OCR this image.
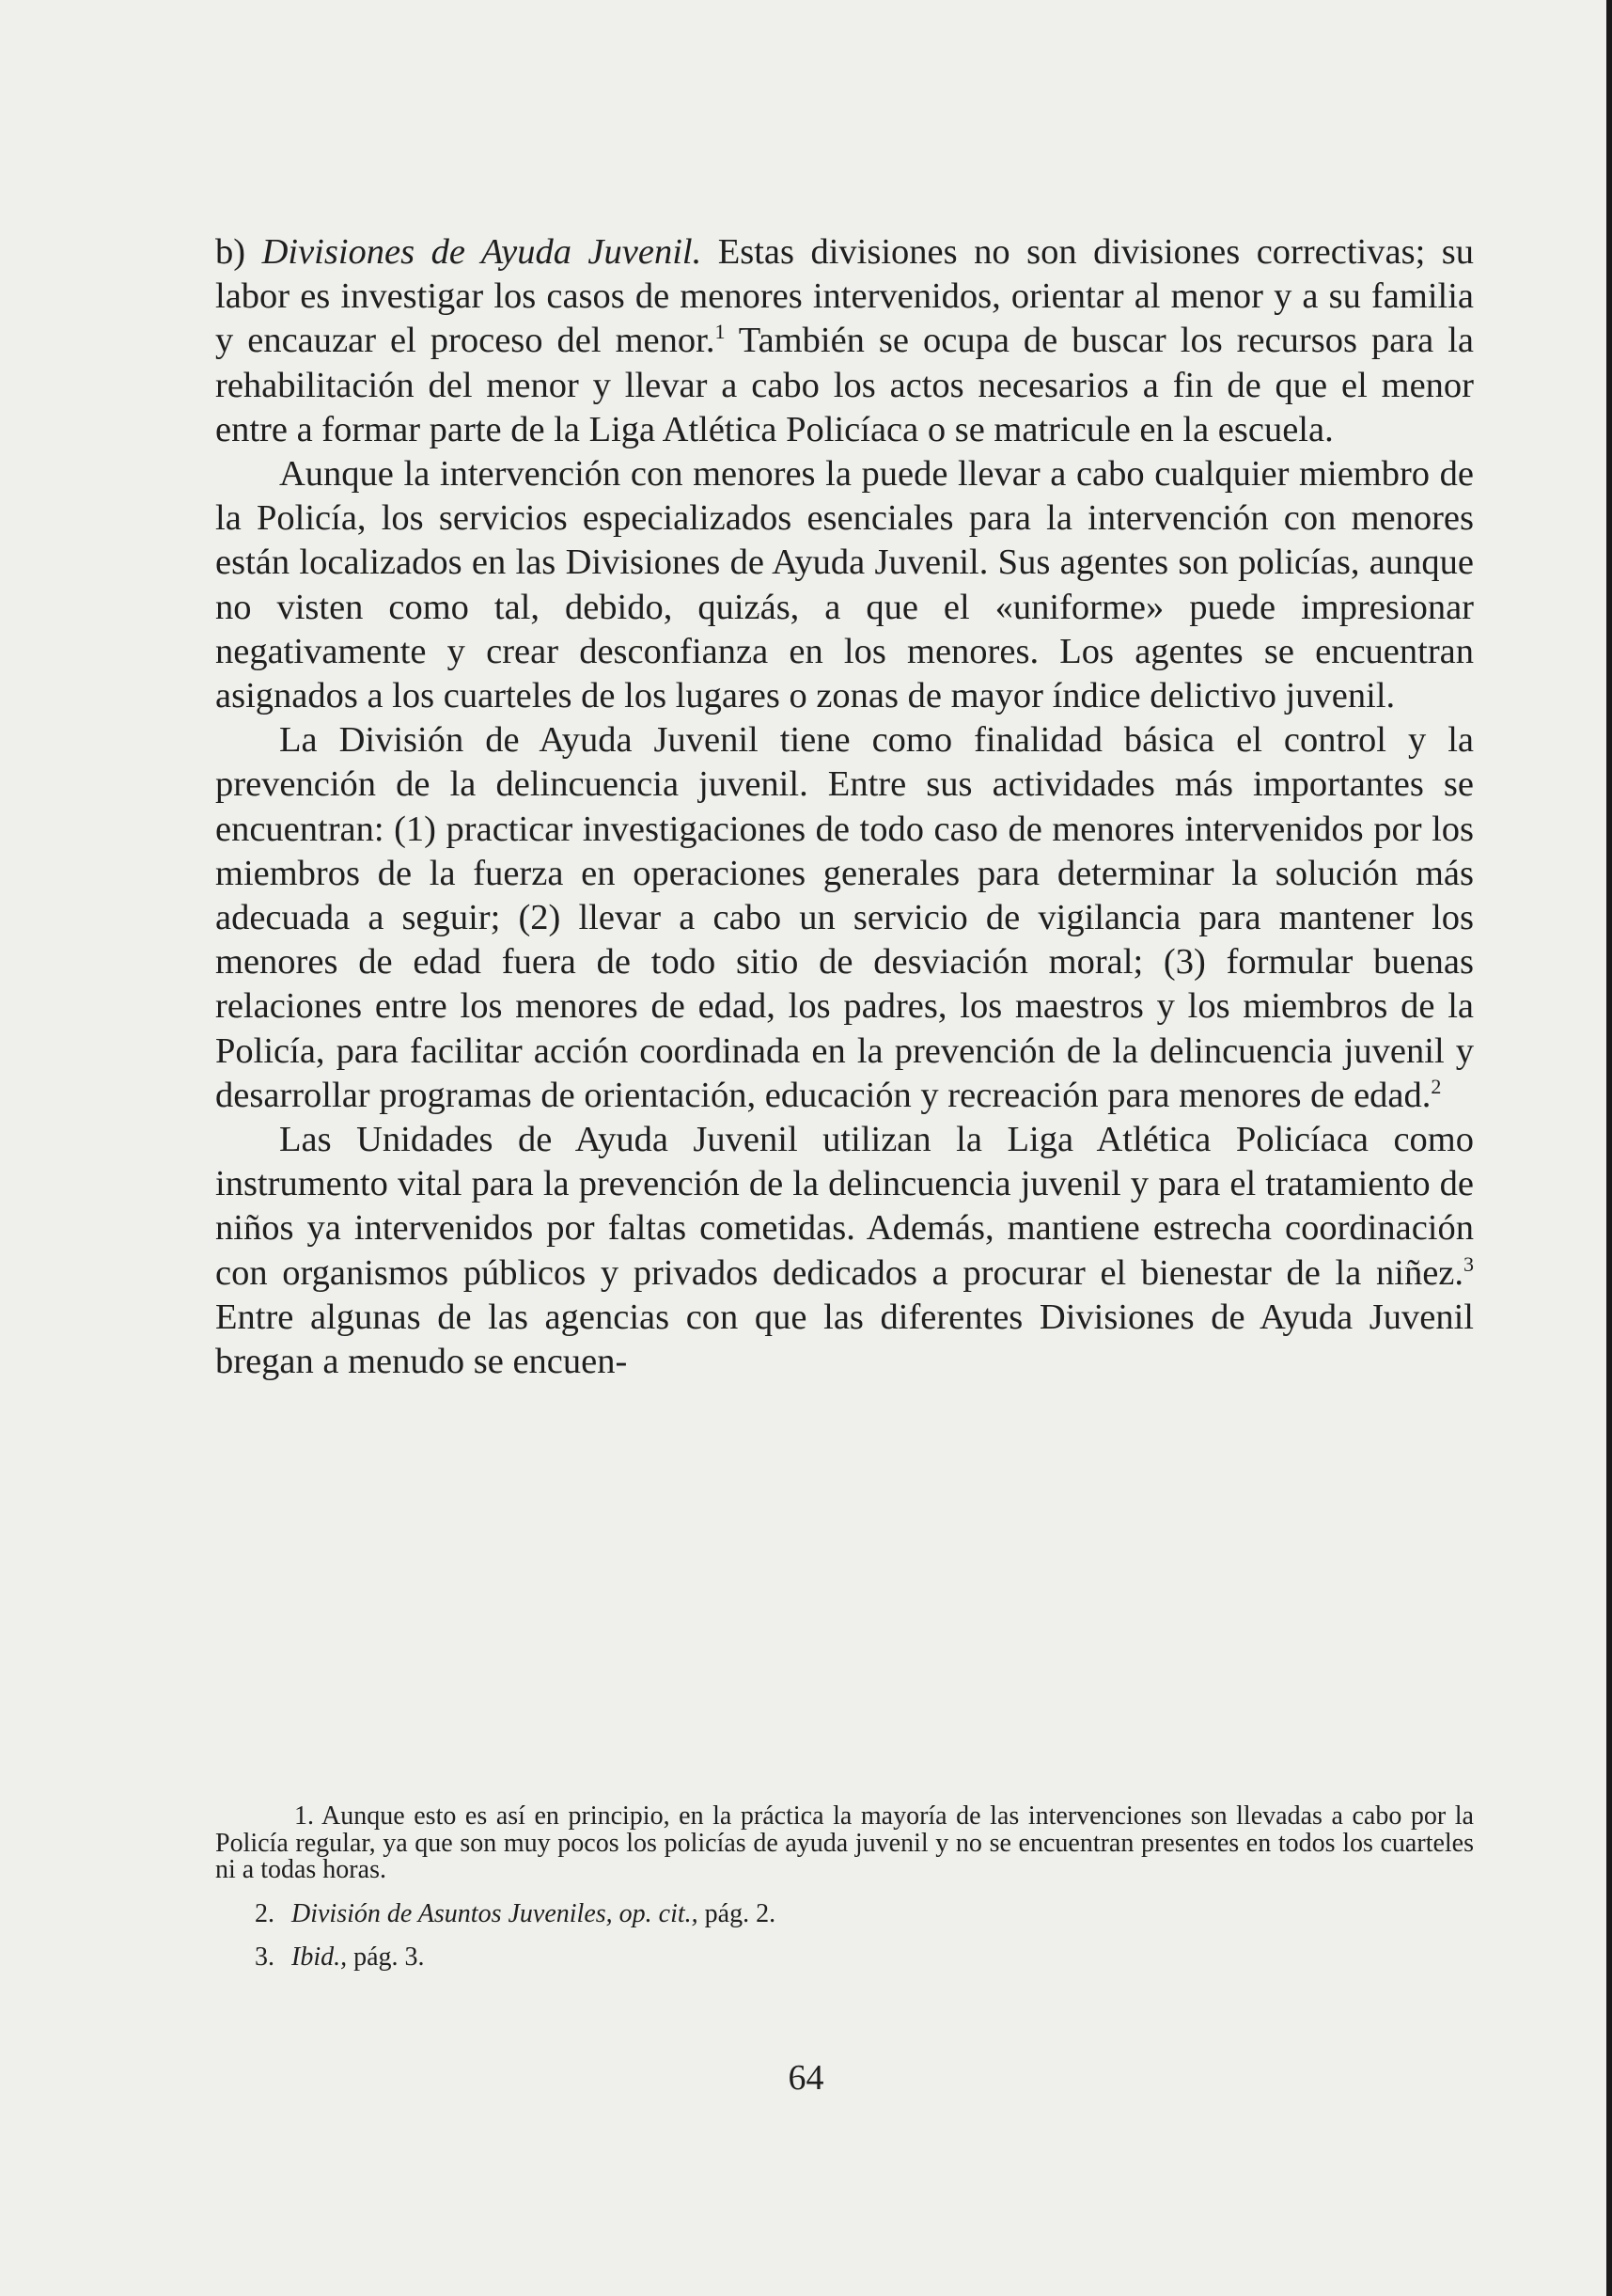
b) Divisiones de Ayuda Juvenil. Estas divisiones no son divisiones correctivas; su labor es investigar los casos de menores intervenidos, orientar al menor y a su familia y encauzar el proceso del menor.$^1$ También se ocupa de buscar los recursos para la rehabilitación del menor y llevar a cabo los actos necesarios a fin de que el menor entre a formar parte de la Liga Atlética Policíaca o se matricule en la escuela.

Aunque la intervención con menores la puede llevar a cabo cualquier miembro de la Policía, los servicios especializados esenciales para la intervención con menores están localizados en las Divisiones de Ayuda Juvenil. Sus agentes son policías, aunque no visten como tal, debido, quizás, a que el «uniforme» puede impresionar negativamente y crear desconfianza en los menores. Los agentes se encuentran asignados a los cuarteles de los lugares o zonas de mayor índice delictivo juvenil.

La División de Ayuda Juvenil tiene como finalidad básica el control y la prevención de la delincuencia juvenil. Entre sus actividades más importantes se encuentran: (1) practicar investigaciones de todo caso de menores intervenidos por los miembros de la fuerza en operaciones generales para determinar la solución más adecuada a seguir; (2) llevar a cabo un servicio de vigilancia para mantener los menores de edad fuera de todo sitio de desviación moral; (3) formular buenas relaciones entre los menores de edad, los padres, los maestros y los miembros de la Policía, para facilitar acción coordinada en la prevención de la delincuencia juvenil y desarrollar programas de orientación, educación y recreación para menores de edad.$^2$

Las Unidades de Ayuda Juvenil utilizan la Liga Atlética Policíaca como instrumento vital para la prevención de la delincuencia juvenil y para el tratamiento de niños ya intervenidos por faltas cometidas. Además, mantiene estrecha coordinación con organismos públicos y privados dedicados a procurar el bienestar de la niñez.$^3$ Entre algunas de las agencias con que las diferentes Divisiones de Ayuda Juvenil bregan a menudo se encuen-

1. Aunque esto es así en principio, en la práctica la mayoría de las intervenciones son llevadas a cabo por la Policía regular, ya que son muy pocos los policías de ayuda juvenil y no se encuentran presentes en todos los cuarteles ni a todas horas.

2. División de Asuntos Juveniles, op. cit., pág. 2.

3. Ibid., pág. 3.

64
